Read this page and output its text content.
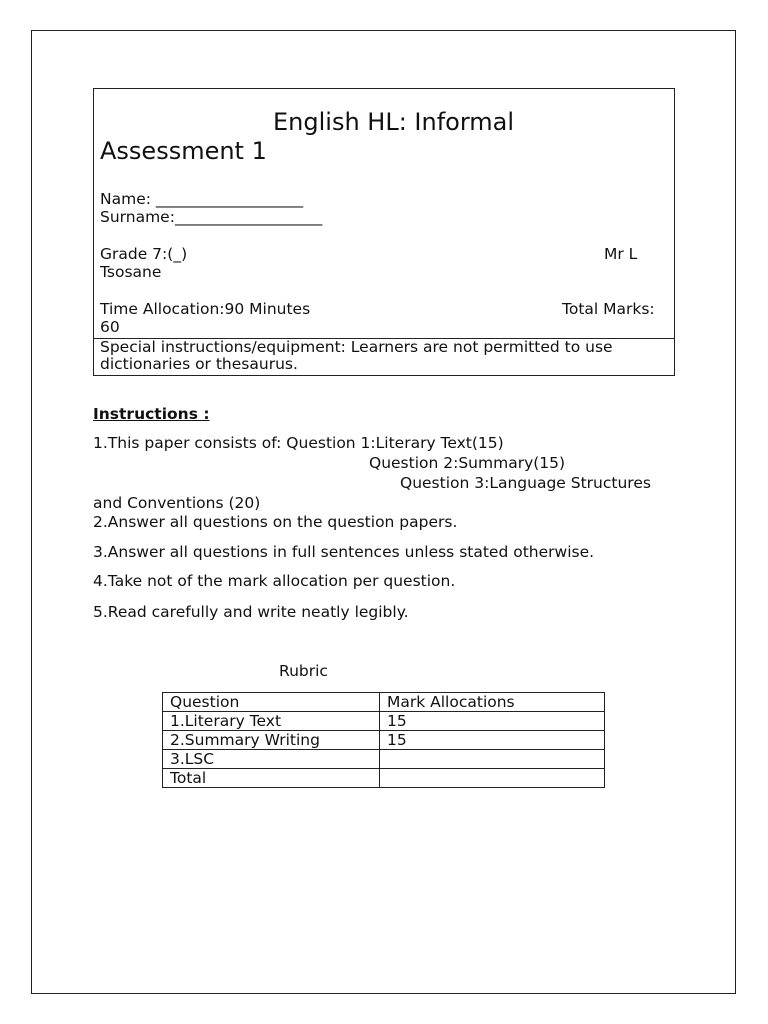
English HL: Informal
Assessment 1
Name: ___________________
Surname:___________________
Grade 7:(_)	Mr L
Tsosane
Time Allocation:90 Minutes	Total Marks:
60
Special instructions/equipment: Learners are not permitted to use
dictionaries or thesaurus.
Instructions :
1.This paper consists of: Question 1:Literary Text(15)
Question 2:Summary(15)
Question 3:Language Structures
and Conventions (20)
2.Answer all questions on the question papers.
3.Answer all questions in full sentences unless stated otherwise.
4.Take not of the mark allocation per question.
5.Read carefully and write neatly legibly.
Rubric
Question	Mark Allocations
1.Literary Text	15
2.Summary Writing	15
3.LSC	
Total	
